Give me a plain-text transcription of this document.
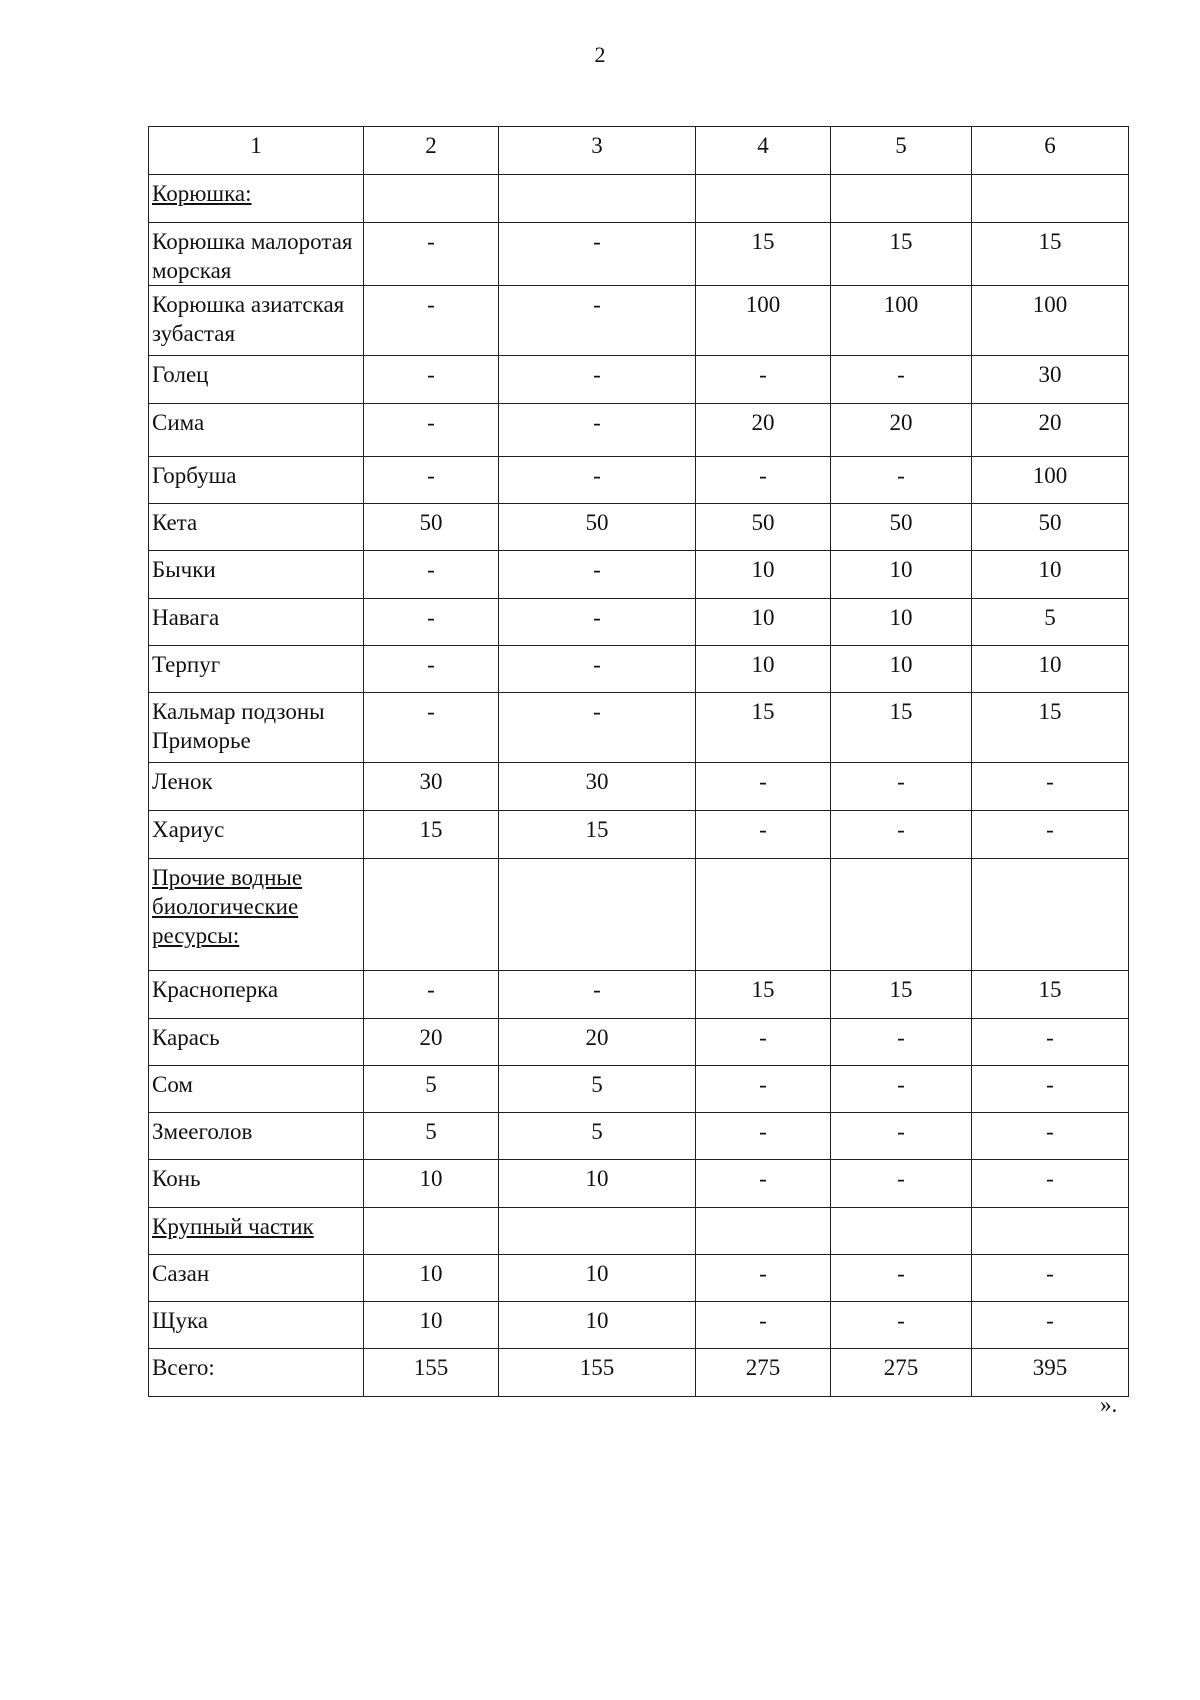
2
1	2	3	4	5	6
Корюшка:					
Корюшка малоротая морская	-	-	15	15	15
Корюшка азиатская зубастая	-	-	100	100	100
Голец	-	-	-	-	30
Сима	-	-	20	20	20
Горбуша	-	-	-	-	100
Кета	50	50	50	50	50
Бычки	-	-	10	10	10
Навага	-	-	10	10	5
Терпуг	-	-	10	10	10
Кальмар подзоны Приморье	-	-	15	15	15
Ленок	30	30	-	-	-
Хариус	15	15	-	-	-
Прочие водные биологические ресурсы:					
Красноперка	-	-	15	15	15
Карась	20	20	-	-	-
Сом	5	5	-	-	-
Змееголов	5	5	-	-	-
Конь	10	10	-	-	-
Крупный частик					
Сазан	10	10	-	-	-
Щука	10	10	-	-	-
Всего:	155	155	275	275	395
».
